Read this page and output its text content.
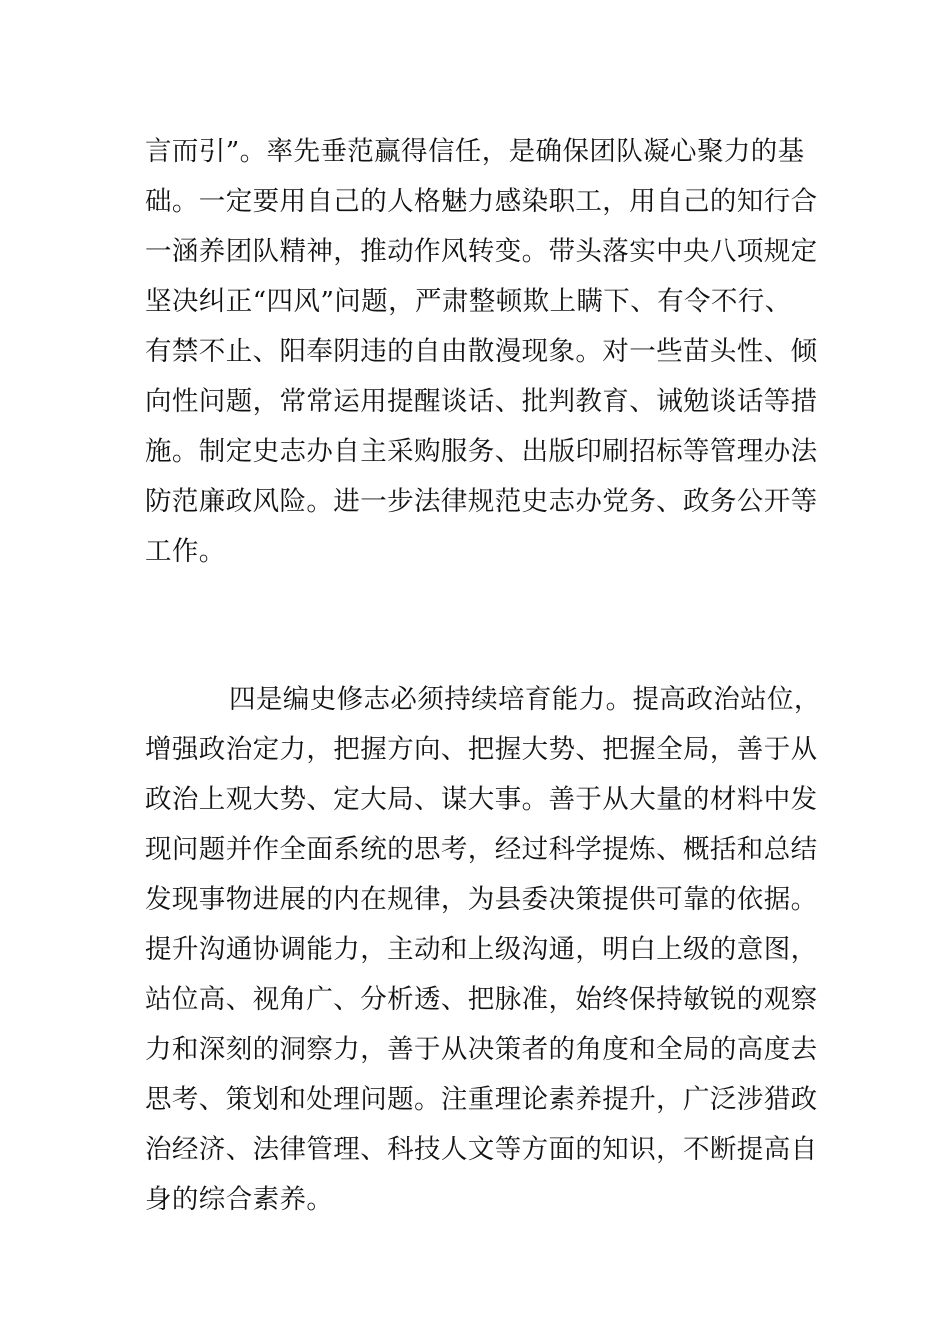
言而引”。率先垂范赢得信任，是确保团队凝心聚力的基
础。一定要用自己的人格魅力感染职工，用自己的知行合
一涵养团队精神，推动作风转变。带头落实中央八项规定
坚决纠正“四风”问题，严肃整顿欺上瞒下、有令不行、
有禁不止、阳奉阴违的自由散漫现象。对一些苗头性、倾
向性问题，常常运用提醒谈话、批判教育、诫勉谈话等措
施。制定史志办自主采购服务、出版印刷招标等管理办法
防范廉政风险。进一步法律规范史志办党务、政务公开等
工作。
四是编史修志必须持续培育能力。提高政治站位，
增强政治定力，把握方向、把握大势、把握全局，善于从
政治上观大势、定大局、谋大事。善于从大量的材料中发
现问题并作全面系统的思考，经过科学提炼、概括和总结
发现事物进展的内在规律，为县委决策提供可靠的依据。
提升沟通协调能力，主动和上级沟通，明白上级的意图，
站位高、视角广、分析透、把脉准，始终保持敏锐的观察
力和深刻的洞察力，善于从决策者的角度和全局的高度去
思考、策划和处理问题。注重理论素养提升，广泛涉猎政
治经济、法律管理、科技人文等方面的知识，不断提高自
身的综合素养。
